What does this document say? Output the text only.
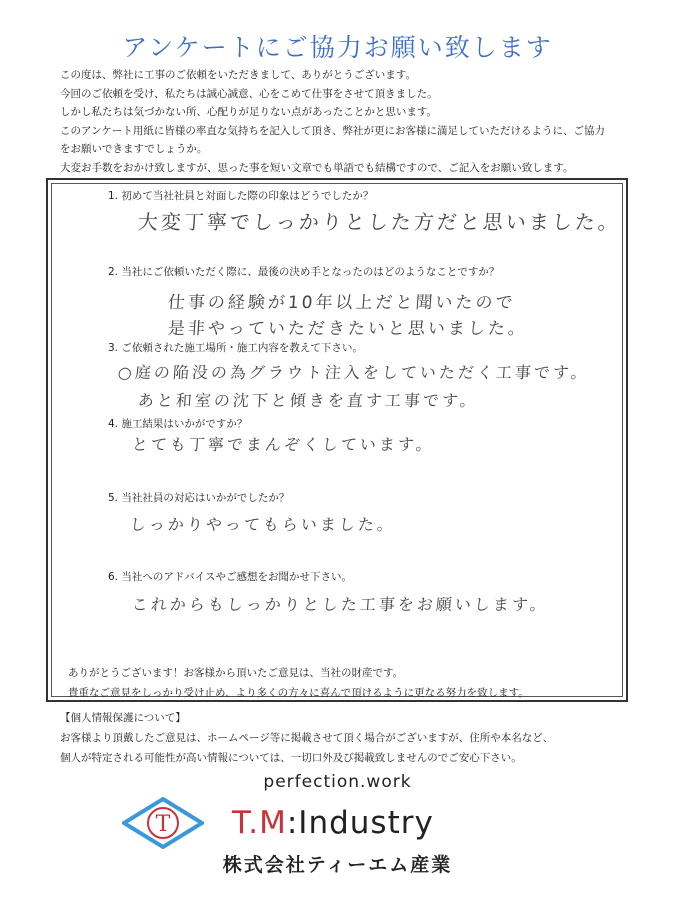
アンケートにご協力お願い致します
この度は、弊社に工事のご依頼をいただきまして、ありがとうございます。
今回のご依頼を受け、私たちは誠心誠意、心をこめて仕事をさせて頂きました。
しかし私たちは気づかない所、心配りが足りない点があったことかと思います。
このアンケート用紙に皆様の率直な気持ちを記入して頂き、弊社が更にお客様に満足していただけるように、ご協力
をお願いできますでしょうか。
大変お手数をおかけ致しますが、思った事を短い文章でも単語でも結構ですので、ご記入をお願い致します。
1. 初めて当社社員と対面した際の印象はどうでしたか？
大変丁寧でしっかりとした方だと思いました。
2. 当社にご依頼いただく際に、最後の決め手となったのはどのようなことですか？
仕事の経験が10年以上だと聞いたので
是非やっていただきたいと思いました。
3. ご依頼された施工場所・施工内容を教えて下さい。
○庭の陥没の為グラウト注入をしていただく工事です。
あと和室の沈下と傾きを直す工事です。
4. 施工結果はいかがですか？
とても丁寧でまんぞくしています。
5. 当社社員の対応はいかがでしたか？
しっかりやってもらいました。
6. 当社へのアドバイスやご感想をお聞かせ下さい。
これからもしっかりとした工事をお願いします。
ありがとうございます！お客様から頂いたご意見は、当社の財産です。
貴重なご意見をしっかり受け止め、より多くの方々に喜んで頂けるように更なる努力を致します。
【個人情報保護について】
お客様より頂戴したご意見は、ホームページ等に掲載させて頂く場合がございますが、住所や本名など、
個人が特定される可能性が高い情報については、一切口外及び掲載致しませんのでご安心下さい。
perfection.work
T T.M:Industry
株式会社ティーエム産業
